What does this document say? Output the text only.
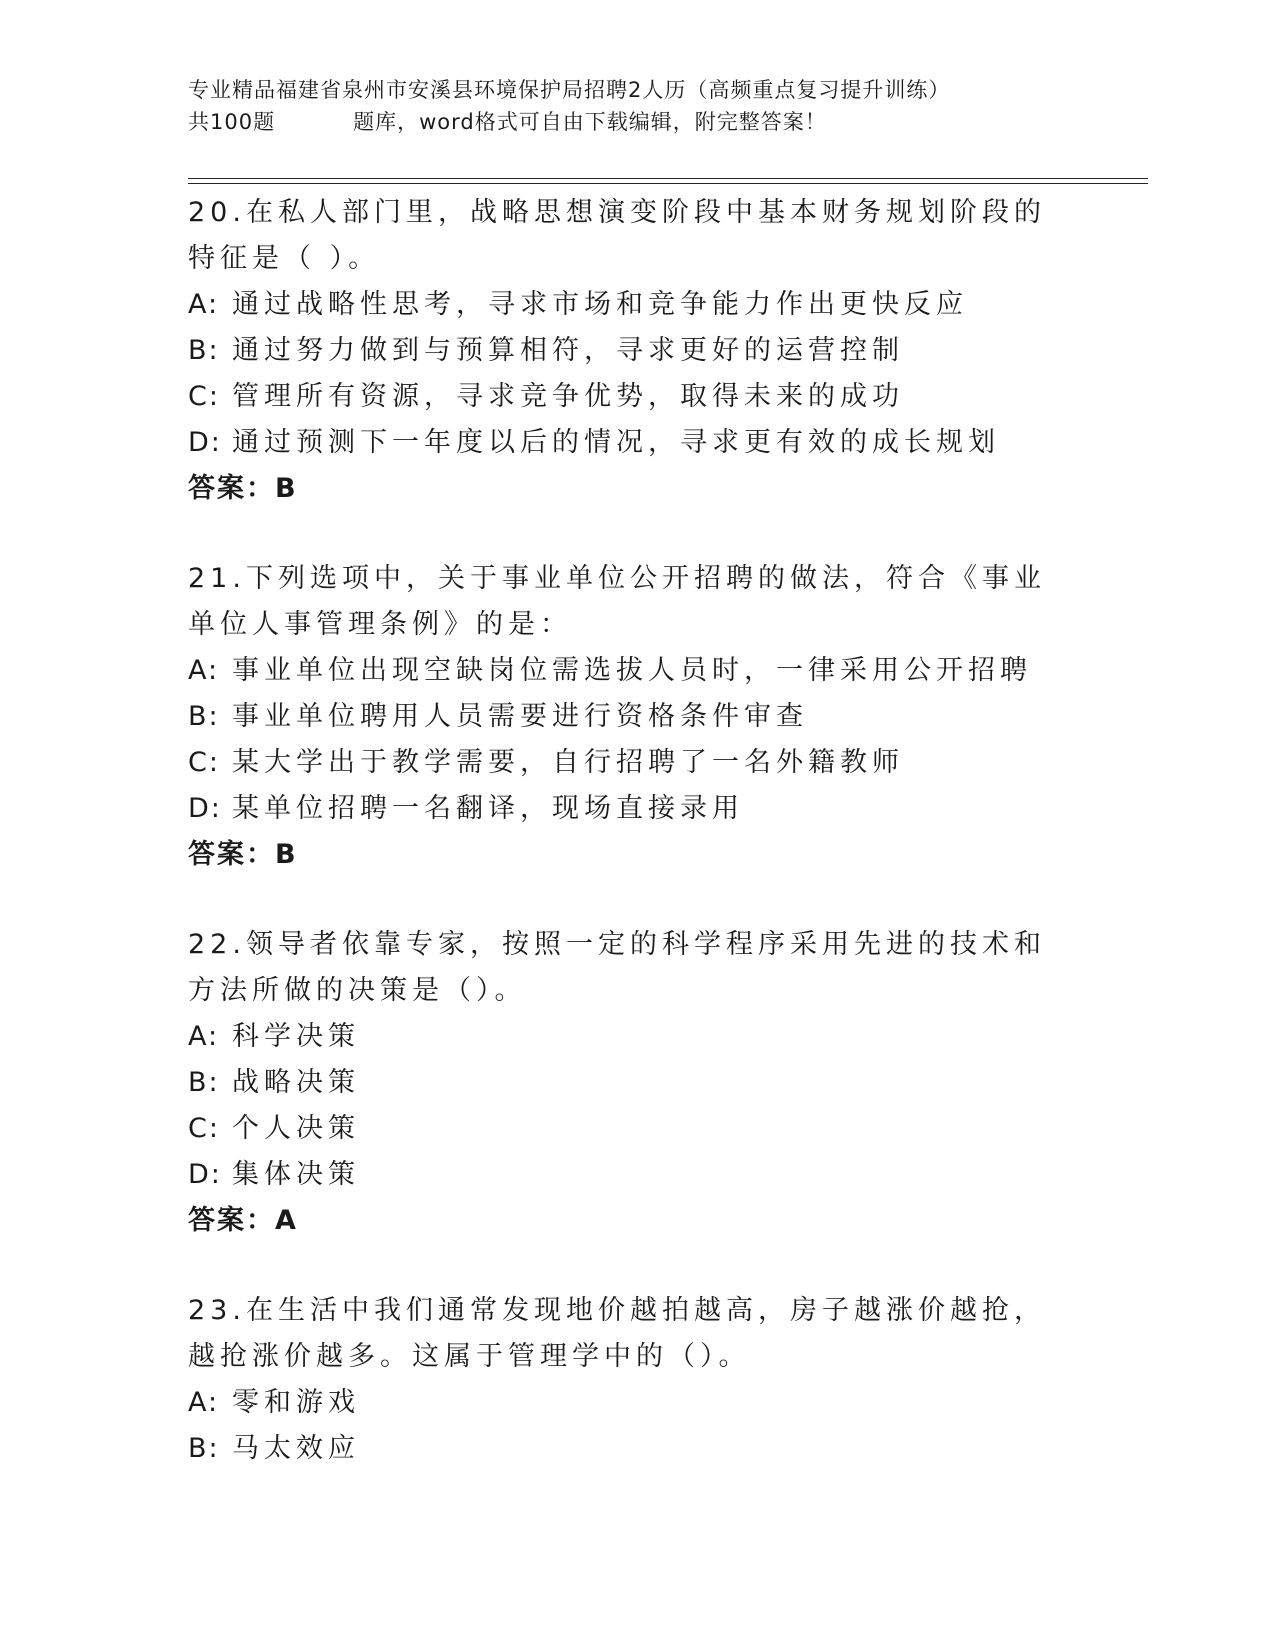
专业精品福建省泉州市安溪县环境保护局招聘2人历（高频重点复习提升训练）
共100题	题库，word格式可自由下载编辑，附完整答案！
20.在私人部门里，战略思想演变阶段中基本财务规划阶段的特征是（ ）。
A: 通过战略性思考，寻求市场和竞争能力作出更快反应
B: 通过努力做到与预算相符，寻求更好的运营控制
C: 管理所有资源，寻求竞争优势，取得未来的成功
D: 通过预测下一年度以后的情况，寻求更有效的成长规划
答案：B
21.下列选项中，关于事业单位公开招聘的做法，符合《事业单位人事管理条例》的是：
A: 事业单位出现空缺岗位需选拔人员时，一律采用公开招聘
B: 事业单位聘用人员需要进行资格条件审查
C: 某大学出于教学需要，自行招聘了一名外籍教师
D: 某单位招聘一名翻译，现场直接录用
答案：B
22.领导者依靠专家，按照一定的科学程序采用先进的技术和方法所做的决策是（）。
A: 科学决策
B: 战略决策
C: 个人决策
D: 集体决策
答案：A
23.在生活中我们通常发现地价越拍越高，房子越涨价越抢，越抢涨价越多。这属于管理学中的（）。
A: 零和游戏
B: 马太效应
